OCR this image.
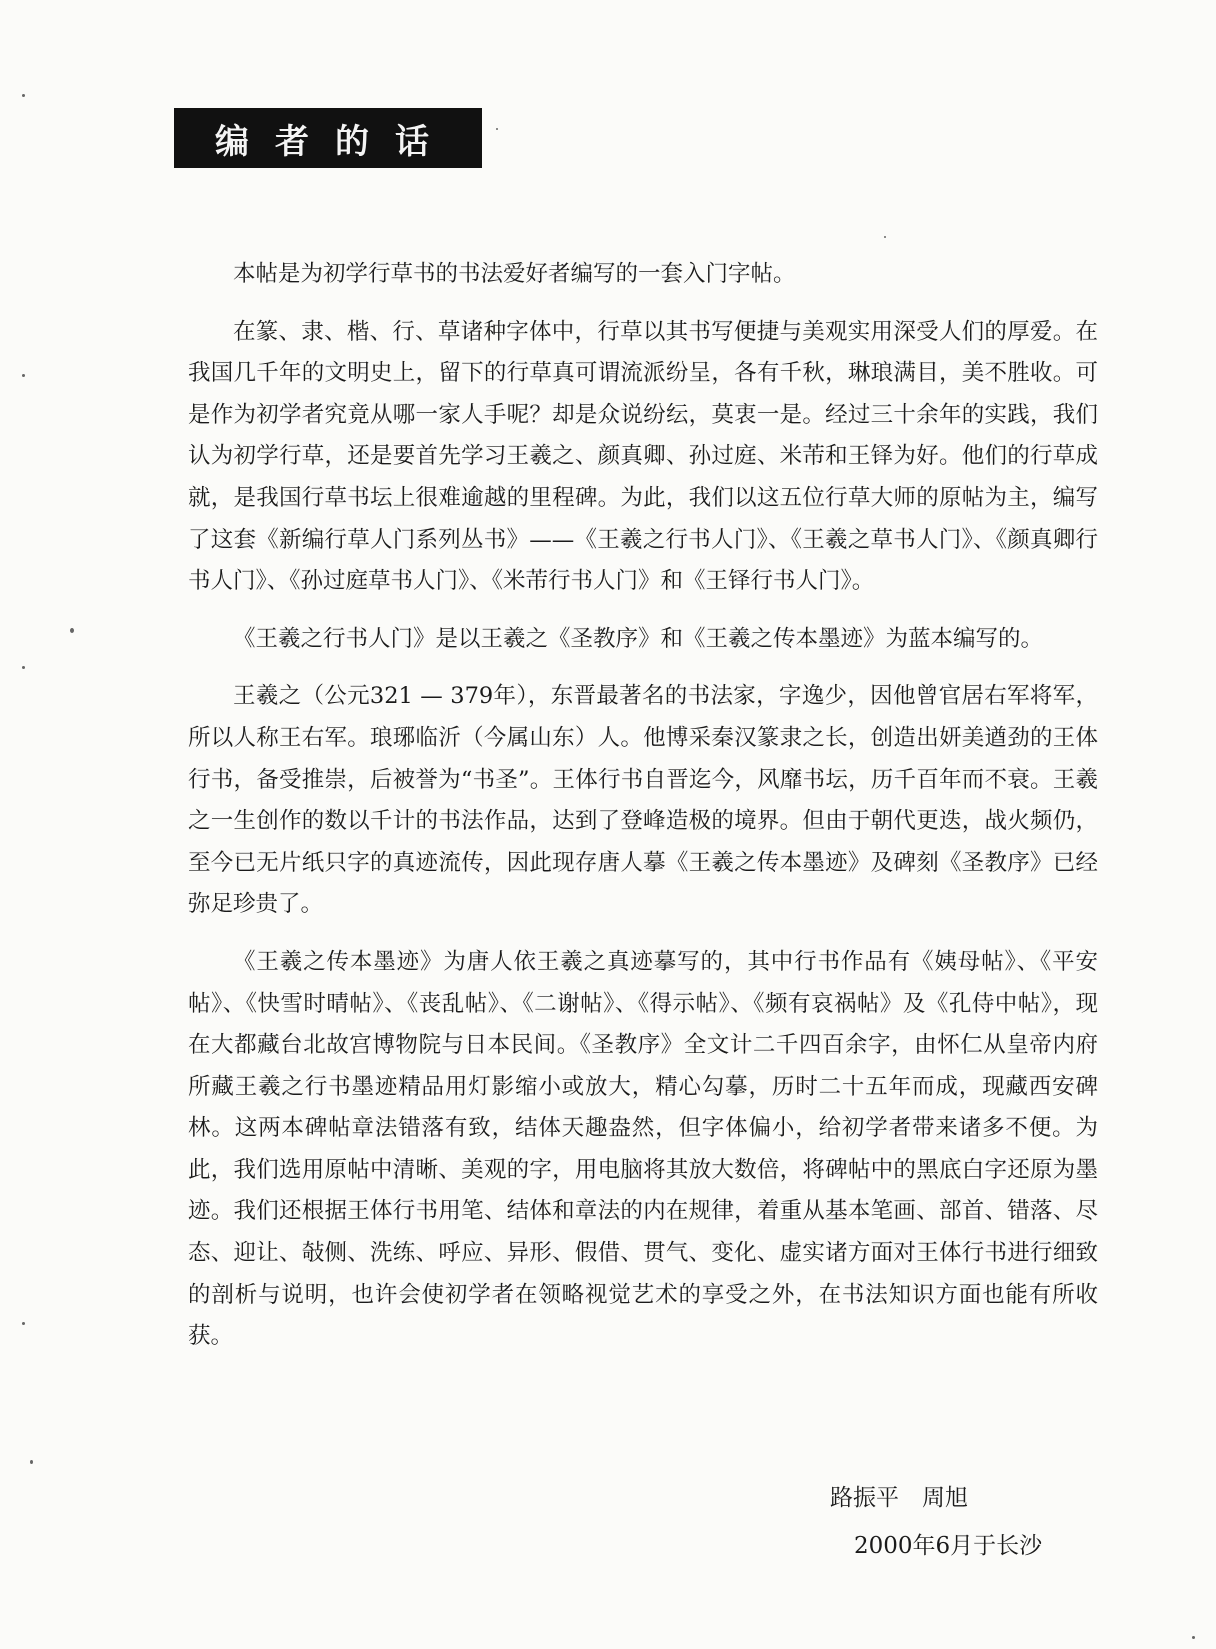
编者的话

本帖是为初学行草书的书法爱好者编写的一套入门字帖。

在篆、隶、楷、行、草诸种字体中，行草以其书写便捷与美观实用深受人们的厚爱。在我国几千年的文明史上，留下的行草真可谓流派纷呈，各有千秋，琳琅满目，美不胜收。可是作为初学者究竟从哪一家人手呢？却是众说纷纭，莫衷一是。经过三十余年的实践，我们认为初学行草，还是要首先学习王羲之、颜真卿、孙过庭、米芾和王铎为好。他们的行草成就，是我国行草书坛上很难逾越的里程碑。为此，我们以这五位行草大师的原帖为主，编写了这套《新编行草人门系列丛书》——《王羲之行书人门》、《王羲之草书人门》、《颜真卿行书人门》、《孙过庭草书人门》、《米芾行书人门》和《王铎行书人门》。

《王羲之行书人门》是以王羲之《圣教序》和《王羲之传本墨迹》为蓝本编写的。

王羲之（公元321 — 379年），东晋最著名的书法家，字逸少，因他曾官居右军将军，所以人称王右军。琅琊临沂（今属山东）人。他博采秦汉篆隶之长，创造出妍美遒劲的王体行书，备受推崇，后被誉为“书圣”。王体行书自晋迄今，风靡书坛，历千百年而不衰。王羲之一生创作的数以千计的书法作品，达到了登峰造极的境界。但由于朝代更迭，战火频仍，至今已无片纸只字的真迹流传，因此现存唐人摹《王羲之传本墨迹》及碑刻《圣教序》已经弥足珍贵了。

《王羲之传本墨迹》为唐人依王羲之真迹摹写的，其中行书作品有《姨母帖》、《平安帖》、《快雪时晴帖》、《丧乱帖》、《二谢帖》、《得示帖》、《频有哀祸帖》及《孔侍中帖》，现在大都藏台北故宫博物院与日本民间。《圣教序》全文计二千四百余字，由怀仁从皇帝内府所藏王羲之行书墨迹精品用灯影缩小或放大，精心勾摹，历时二十五年而成，现藏西安碑林。这两本碑帖章法错落有致，结体天趣盎然，但字体偏小，给初学者带来诸多不便。为此，我们选用原帖中清晰、美观的字，用电脑将其放大数倍，将碑帖中的黑底白字还原为墨迹。我们还根据王体行书用笔、结体和章法的内在规律，着重从基本笔画、部首、错落、尽态、迎让、敧侧、洗练、呼应、异形、假借、贯气、变化、虚实诸方面对王体行书进行细致的剖析与说明，也许会使初学者在领略视觉艺术的享受之外，在书法知识方面也能有所收获。

路振平　周旭
2000年6月于长沙
